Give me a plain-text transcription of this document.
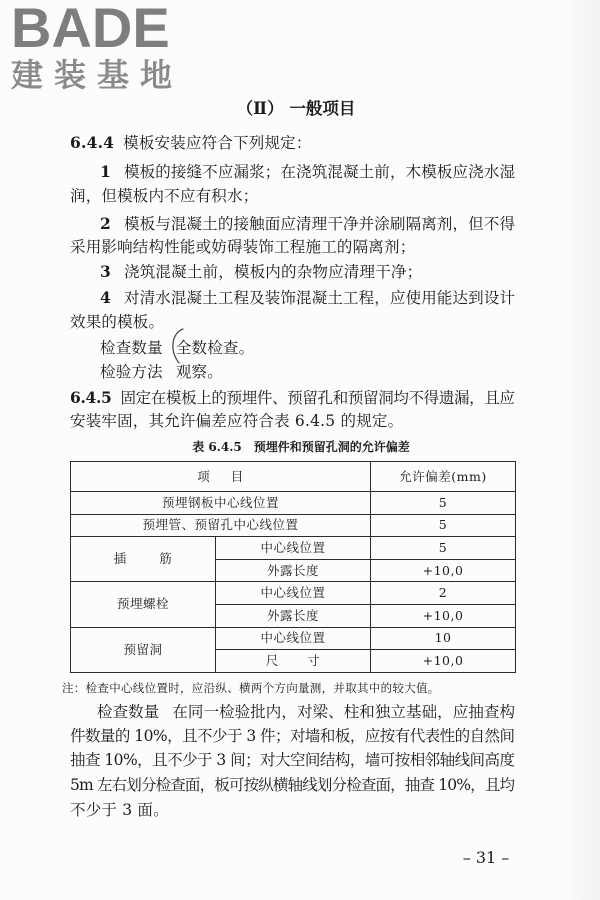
BADE
建装基地
（Ⅱ） 一般项目
6.4.4 模板安装应符合下列规定：
1 模板的接缝不应漏浆；在浇筑混凝土前，木模板应浇水湿
润，但模板内不应有积水；
2 模板与混凝土的接触面应清理干净并涂刷隔离剂，但不得
采用影响结构性能或妨碍装饰工程施工的隔离剂；
3 浇筑混凝土前，模板内的杂物应清理干净；
4 对清水混凝土工程及装饰混凝土工程，应使用能达到设计
效果的模板。
检查数量 全数检查。
检验方法 观察。
6.4.5 固定在模板上的预埋件、预留孔和预留洞均不得遗漏，且应
安装牢固，其允许偏差应符合表 6.4.5 的规定。
表 6.4.5 预埋件和预留孔洞的允许偏差
项 目		允许偏差(mm)
预埋钢板中心线位置		5
预埋管、预留孔中心线位置		5
插 筋	中心线位置	5
	外露长度	+10,0
预埋螺栓	中心线位置	2
	外露长度	+10,0
预留洞	中心线位置	10
	尺 寸	+10,0
注：检查中心线位置时，应沿纵、横两个方向量测，并取其中的较大值。
检查数量 在同一检验批内，对梁、柱和独立基础，应抽查构
件数量的 10%，且不少于 3 件；对墙和板，应按有代表性的自然间
抽查 10%，且不少于 3 间；对大空间结构，墙可按相邻轴线间高度
5m 左右划分检查面，板可按纵横轴线划分检查面，抽查 10%，且均
不少于 3 面。
– 31 –
